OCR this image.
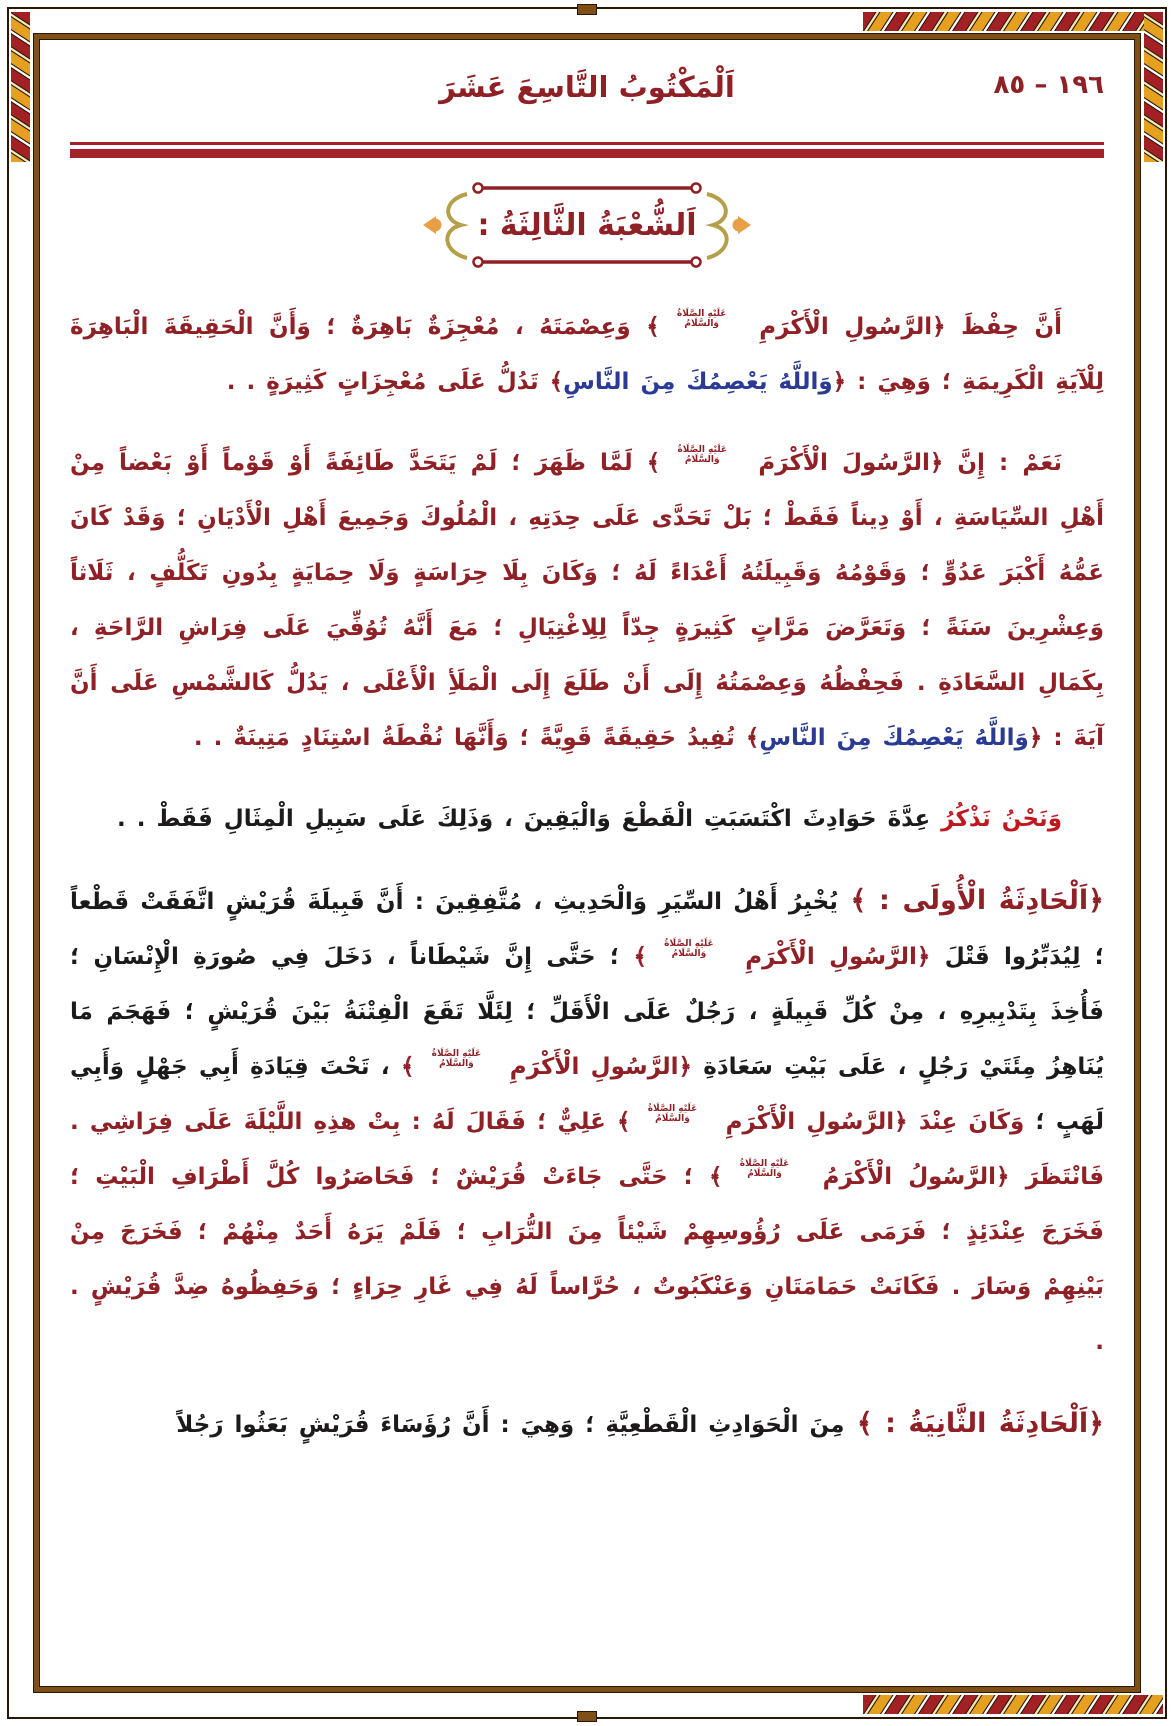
١٩٦ – ٨٥
اَلْمَكْتُوبُ التَّاسِعَ عَشَرَ
اَلشُّعْبَةُ الثَّالِثَةُ :

أَنَّ حِفْظَ ﴿الرَّسُولِ الْأَكْرَمِ عَلَيْهِ الصَّلَاةُ وَالسَّلَامُ﴾ وَعِصْمَتَهُ ، مُعْجِزَةٌ بَاهِرَةٌ ؛ وَأَنَّ الْحَقِيقَةَ الْبَاهِرَةَ لِلْآيَةِ الْكَرِيمَةِ ؛ وَهِيَ : ﴿وَاللَّهُ يَعْصِمُكَ مِنَ النَّاسِ﴾ تَدُلُّ عَلَى مُعْجِزَاتٍ كَثِيرَةٍ . .

نَعَمْ : إِنَّ ﴿الرَّسُولَ الْأَكْرَمَ عَلَيْهِ الصَّلَاةُ وَالسَّلَامُ﴾ لَمَّا ظَهَرَ ؛ لَمْ يَتَحَدَّ طَائِفَةً أَوْ قَوْماً أَوْ بَعْضاً مِنْ أَهْلِ السِّيَاسَةِ ، أَوْ دِيناً فَقَطْ ؛ بَلْ تَحَدَّى عَلَى حِدَتِهِ ، الْمُلُوكَ وَجَمِيعَ أَهْلِ الْأَدْيَانِ ؛ وَقَدْ كَانَ عَمُّهُ أَكْبَرَ عَدُوٍّ ؛ وَقَوْمُهُ وَقَبِيلَتُهُ أَعْدَاءً لَهُ ؛ وَكَانَ بِلَا حِرَاسَةٍ وَلَا حِمَايَةٍ بِدُونِ تَكَلُّفٍ ، ثَلَاثاً وَعِشْرِينَ سَنَةً ؛ وَتَعَرَّضَ مَرَّاتٍ كَثِيرَةٍ جِدّاً لِلِاغْتِيَالِ ؛ مَعَ أَنَّهُ تُوُفِّيَ عَلَى فِرَاشِ الرَّاحَةِ ، بِكَمَالِ السَّعَادَةِ . فَحِفْظُهُ وَعِصْمَتُهُ إِلَى أَنْ طَلَعَ إِلَى الْمَلَأِ الْأَعْلَى ، يَدُلُّ كَالشَّمْسِ عَلَى أَنَّ آيَةَ : ﴿وَاللَّهُ يَعْصِمُكَ مِنَ النَّاسِ﴾ تُفِيدُ حَقِيقَةً قَوِيَّةً ؛ وَأَنَّهَا نُقْطَةُ اسْتِنَادٍ مَتِينَةٌ . .

وَنَحْنُ نَذْكُرُ عِدَّةَ حَوَادِثَ اكْتَسَبَتِ الْقَطْعَ وَالْيَقِينَ ، وَذَلِكَ عَلَى سَبِيلِ الْمِثَالِ فَقَطْ . .

﴿اَلْحَادِثَةُ الْأُولَى : ﴾ يُخْبِرُ أَهْلُ السِّيَرِ وَالْحَدِيثِ ، مُتَّفِقِينَ : أَنَّ قَبِيلَةَ قُرَيْشٍ اتَّفَقَتْ قَطْعاً ؛ لِيُدَبِّرُوا قَتْلَ ﴿الرَّسُولِ الْأَكْرَمِ عَلَيْهِ الصَّلَاةُ وَالسَّلَامُ﴾ ؛ حَتَّى إِنَّ شَيْطَاناً ، دَخَلَ فِي صُورَةِ الْإِنْسَانِ ؛ فَأُخِذَ بِتَدْبِيرِهِ ، مِنْ كُلِّ قَبِيلَةٍ ، رَجُلٌ عَلَى الْأَقَلِّ ؛ لِئَلَّا تَقَعَ الْفِتْنَةُ بَيْنَ قُرَيْشٍ ؛ فَهَجَمَ مَا يُنَاهِزُ مِئَتَيْ رَجُلٍ ، عَلَى بَيْتِ سَعَادَةِ ﴿الرَّسُولِ الْأَكْرَمِ عَلَيْهِ الصَّلَاةُ وَالسَّلَامُ﴾ ، تَحْتَ قِيَادَةِ أَبِي جَهْلٍ وَأَبِي لَهَبٍ ؛ وَكَانَ عِنْدَ ﴿الرَّسُولِ الْأَكْرَمِ عَلَيْهِ الصَّلَاةُ وَالسَّلَامُ﴾ عَلِيٌّ ؛ فَقَالَ لَهُ : بِتْ هذِهِ اللَّيْلَةَ عَلَى فِرَاشِي . فَانْتَظَرَ ﴿الرَّسُولُ الْأَكْرَمُ عَلَيْهِ الصَّلَاةُ وَالسَّلَامُ﴾ ؛ حَتَّى جَاءَتْ قُرَيْشٌ ؛ فَحَاصَرُوا كُلَّ أَطْرَافِ الْبَيْتِ ؛ فَخَرَجَ عِنْدَئِذٍ ؛ فَرَمَى عَلَى رُؤُوسِهِمْ شَيْئاً مِنَ التُّرَابِ ؛ فَلَمْ يَرَهُ أَحَدٌ مِنْهُمْ ؛ فَخَرَجَ مِنْ بَيْنِهِمْ وَسَارَ . فَكَانَتْ حَمَامَتَانِ وَعَنْكَبُوتٌ ، حُرَّاساً لَهُ فِي غَارِ حِرَاءٍ ؛ وَحَفِظُوهُ ضِدَّ قُرَيْشٍ . .

﴿اَلْحَادِثَةُ الثَّانِيَةُ : ﴾ مِنَ الْحَوَادِثِ الْقَطْعِيَّةِ ؛ وَهِيَ : أَنَّ رُؤَسَاءَ قُرَيْشٍ بَعَثُوا رَجُلاً
